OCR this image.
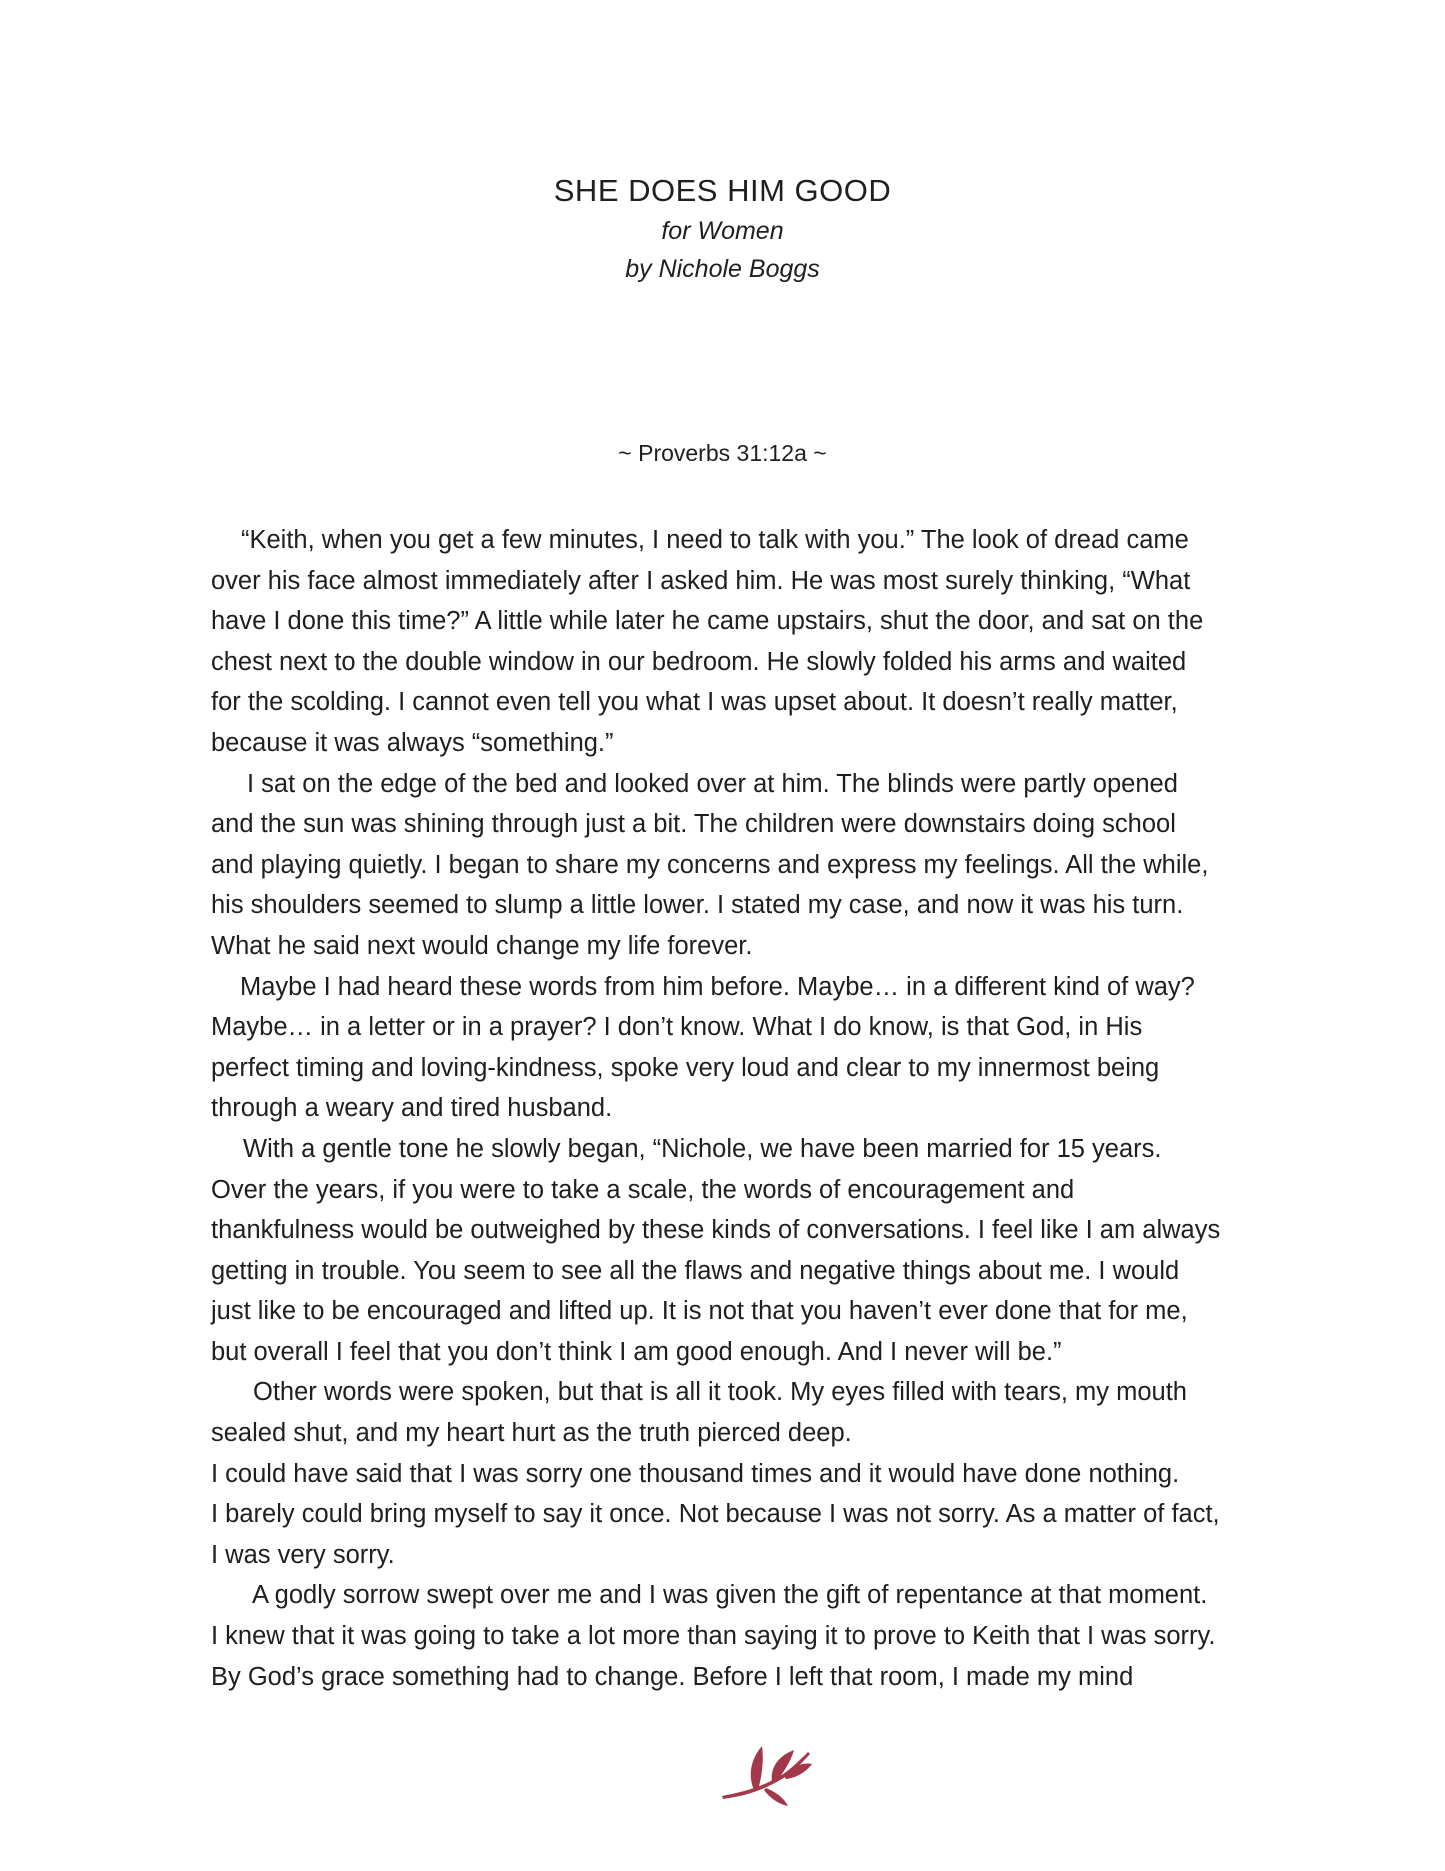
SHE DOES HIM GOOD
for Women
by Nichole Boggs
~ Proverbs 31:12a ~

“Keith, when you get a few minutes, I need to talk with you.” The look of dread came over his face almost immediately after I asked him. He was most surely thinking, “What have I done this time?” A little while later he came upstairs, shut the door, and sat on the chest next to the double window in our bedroom. He slowly folded his arms and waited for the scolding. I cannot even tell you what I was upset about. It doesn’t really matter, because it was always “something.”

I sat on the edge of the bed and looked over at him. The blinds were partly opened and the sun was shining through just a bit. The children were downstairs doing school and playing quietly. I began to share my concerns and express my feelings. All the while, his shoulders seemed to slump a little lower. I stated my case, and now it was his turn. What he said next would change my life forever.

Maybe I had heard these words from him before. Maybe… in a different kind of way? Maybe… in a letter or in a prayer? I don’t know. What I do know, is that God, in His perfect timing and loving-kindness, spoke very loud and clear to my innermost being through a weary and tired husband.

With a gentle tone he slowly began, “Nichole, we have been married for 15 years. Over the years, if you were to take a scale, the words of encouragement and thankfulness would be outweighed by these kinds of conversations. I feel like I am always getting in trouble. You seem to see all the flaws and negative things about me. I would just like to be encouraged and lifted up. It is not that you haven’t ever done that for me, but overall I feel that you don’t think I am good enough. And I never will be.”

Other words were spoken, but that is all it took. My eyes filled with tears, my mouth sealed shut, and my heart hurt as the truth pierced deep.

I could have said that I was sorry one thousand times and it would have done nothing.

I barely could bring myself to say it once. Not because I was not sorry. As a matter of fact, I was very sorry.

A godly sorrow swept over me and I was given the gift of repentance at that moment. I knew that it was going to take a lot more than saying it to prove to Keith that I was sorry. By God’s grace something had to change. Before I left that room, I made my mind
